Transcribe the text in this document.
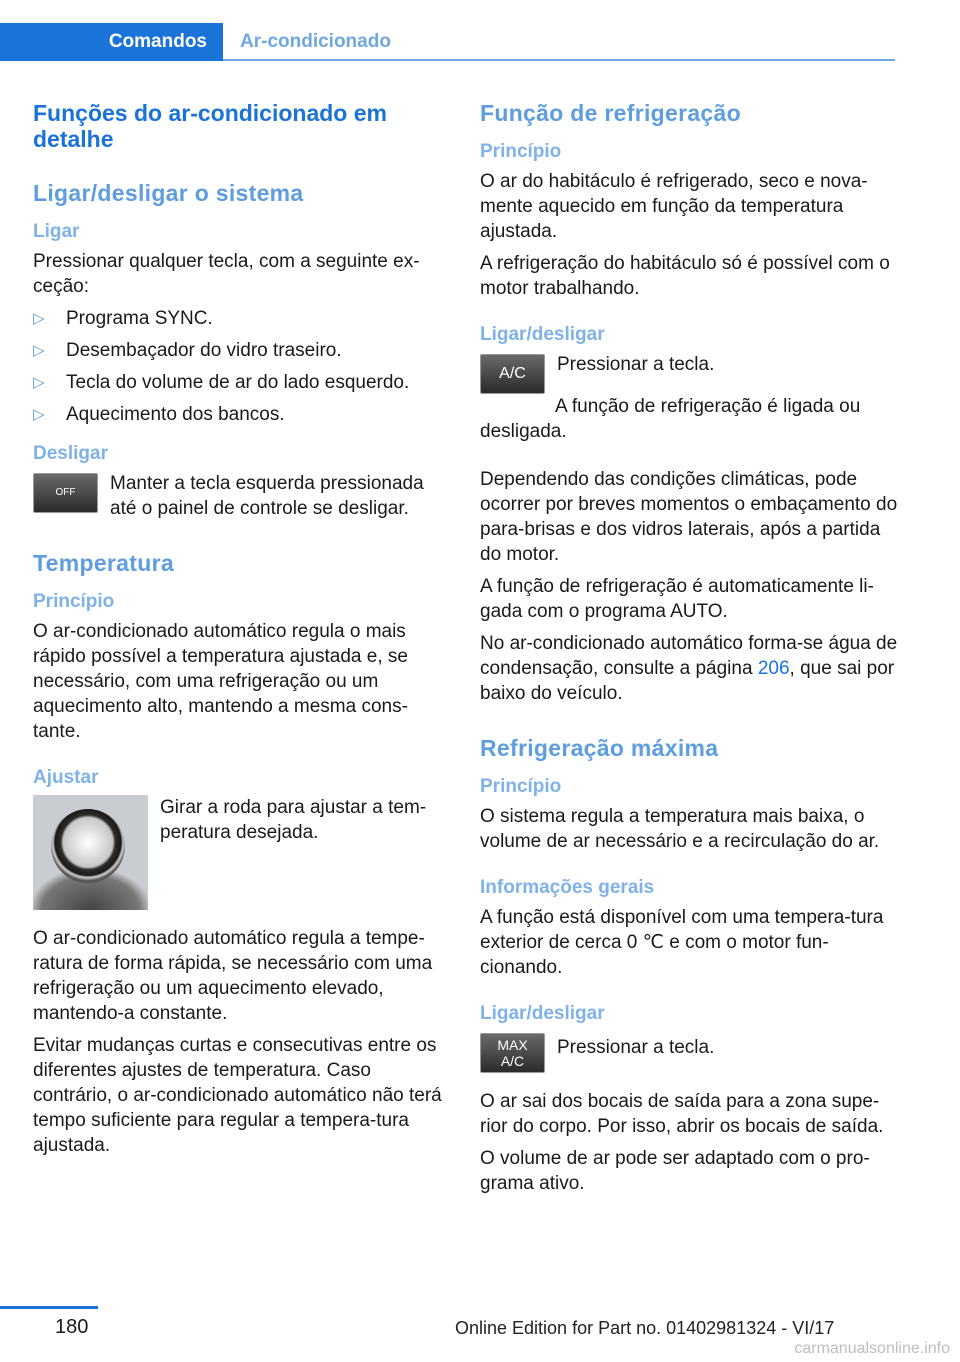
Comandos	Ar-condicionado
Funções do ar-condicionado em detalhe
Ligar/desligar o sistema
Ligar

Pressionar qualquer tecla, com a seguinte ex-ceção:

▷ Programa SYNC.
▷ Desembaçador do vidro traseiro.
▷ Tecla do volume de ar do lado esquerdo.
▷ Aquecimento dos bancos.
Desligar
OFF Manter a tecla esquerda pressionada até o painel de controle se desligar.

Temperatura
Princípio

O ar-condicionado automático regula o mais rápido possível a temperatura ajustada e, se necessário, com uma refrigeração ou um aquecimento alto, mantendo a mesma cons-tante.

Ajustar

Girar a roda para ajustar a tem-peratura desejada.

O ar-condicionado automático regula a tempe-ratura de forma rápida, se necessário com uma refrigeração ou um aquecimento elevado, mantendo-a constante.

Evitar mudanças curtas e consecutivas entre os diferentes ajustes de temperatura. Caso contrário, o ar-condicionado automático não terá tempo suficiente para regular a tempera-tura ajustada.

Função de refrigeração
Princípio

O ar do habitáculo é refrigerado, seco e nova-mente aquecido em função da temperatura ajustada.

A refrigeração do habitáculo só é possível com o motor trabalhando.

Ligar/desligar
A/C Pressionar a tecla.

A função de refrigeração é ligada ou desligada.

Dependendo das condições climáticas, pode ocorrer por breves momentos o embaçamento do para-brisas e dos vidros laterais, após a partida do motor.

A função de refrigeração é automaticamente li-gada com o programa AUTO.

No ar-condicionado automático forma-se água de condensação, consulte a página 206, que sai por baixo do veículo.

Refrigeração máxima
Princípio

O sistema regula a temperatura mais baixa, o volume de ar necessário e a recirculação do ar.

Informações gerais

A função está disponível com uma tempera-tura exterior de cerca 0 ℃ e com o motor fun-cionando.

Ligar/desligar
MAX A/C

Pressionar a tecla.

O ar sai dos bocais de saída para a zona supe-rior do corpo. Por isso, abrir os bocais de saída.

O volume de ar pode ser adaptado com o pro-grama ativo.

180	Online Edition for Part no. 01402981324 - VI/17
carmanualsonline.info
